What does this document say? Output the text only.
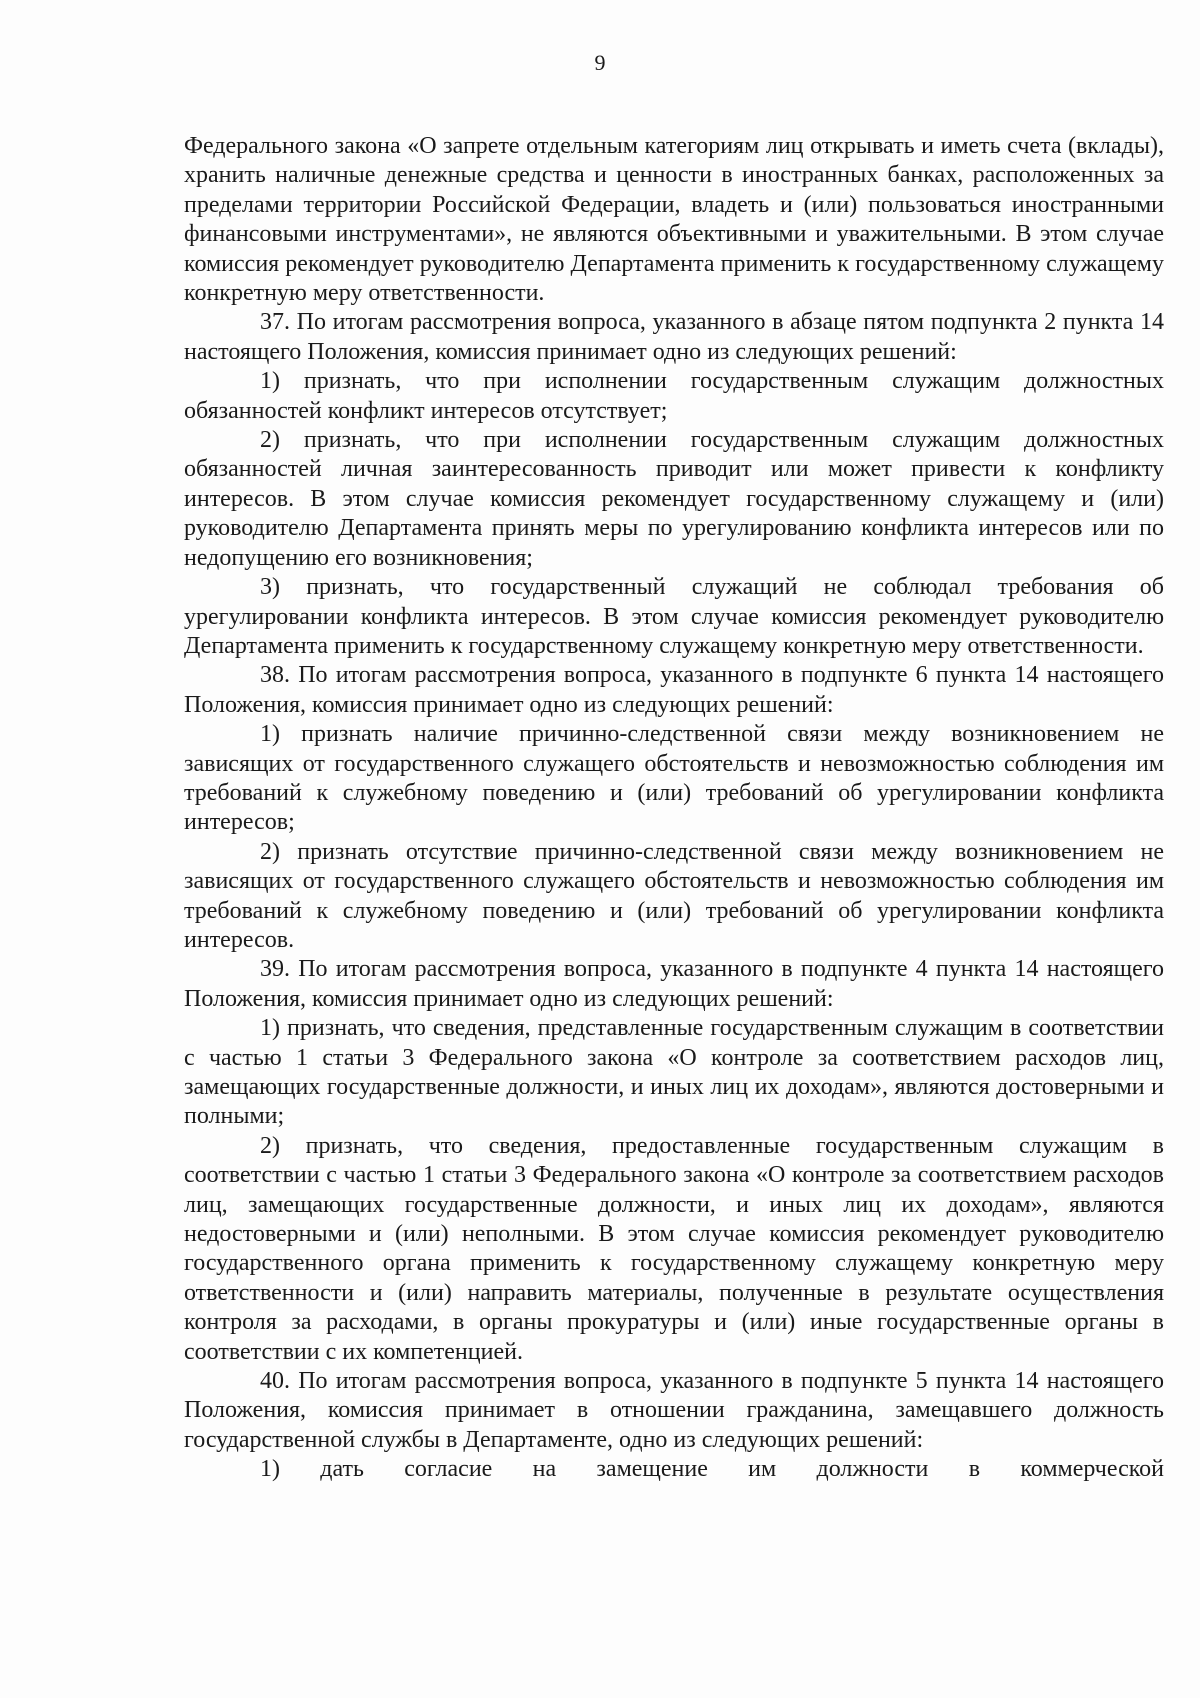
9

Федерального закона «О запрете отдельным категориям лиц открывать и иметь счета (вклады), хранить наличные денежные средства и ценности в иностранных банках, расположенных за пределами территории Российской Федерации, владеть и (или) пользоваться иностранными финансовыми инструментами», не являются объективными и уважительными. В этом случае комиссия рекомендует руководителю Департамента применить к государственному служащему конкретную меру ответственности.

37. По итогам рассмотрения вопроса, указанного в абзаце пятом подпункта 2 пункта 14 настоящего Положения, комиссия принимает одно из следующих решений:

1) признать, что при исполнении государственным служащим должностных обязанностей конфликт интересов отсутствует;

2) признать, что при исполнении государственным служащим должностных обязанностей личная заинтересованность приводит или может привести к конфликту интересов. В этом случае комиссия рекомендует государственному служащему и (или) руководителю Департамента принять меры по урегулированию конфликта интересов или по недопущению его возникновения;

3) признать, что государственный служащий не соблюдал требования об урегулировании конфликта интересов. В этом случае комиссия рекомендует руководителю Департамента применить к государственному служащему конкретную меру ответственности.

38. По итогам рассмотрения вопроса, указанного в подпункте 6 пункта 14 настоящего Положения, комиссия принимает одно из следующих решений:

1) признать наличие причинно-следственной связи между возникновением не зависящих от государственного служащего обстоятельств и невозможностью соблюдения им требований к служебному поведению и (или) требований об урегулировании конфликта интересов;

2) признать отсутствие причинно-следственной связи между возникновением не зависящих от государственного служащего обстоятельств и невозможностью соблюдения им требований к служебному поведению и (или) требований об урегулировании конфликта интересов.

39. По итогам рассмотрения вопроса, указанного в подпункте 4 пункта 14 настоящего Положения, комиссия принимает одно из следующих решений:

1) признать, что сведения, представленные государственным служащим в соответствии с частью 1 статьи 3 Федерального закона «О контроле за соответствием расходов лиц, замещающих государственные должности, и иных лиц их доходам», являются достоверными и полными;

2) признать, что сведения, предоставленные государственным служащим в соответствии с частью 1 статьи 3 Федерального закона «О контроле за соответствием расходов лиц, замещающих государственные должности, и иных лиц их доходам», являются недостоверными и (или) неполными. В этом случае комиссия рекомендует руководителю государственного органа применить к государственному служащему конкретную меру ответственности и (или) направить материалы, полученные в результате осуществления контроля за расходами, в органы прокуратуры и (или) иные государственные органы в соответствии с их компетенцией.

40. По итогам рассмотрения вопроса, указанного в подпункте 5 пункта 14 настоящего Положения, комиссия принимает в отношении гражданина, замещавшего должность государственной службы в Департаменте, одно из следующих решений:

1) дать согласие на замещение им должности в коммерческой
